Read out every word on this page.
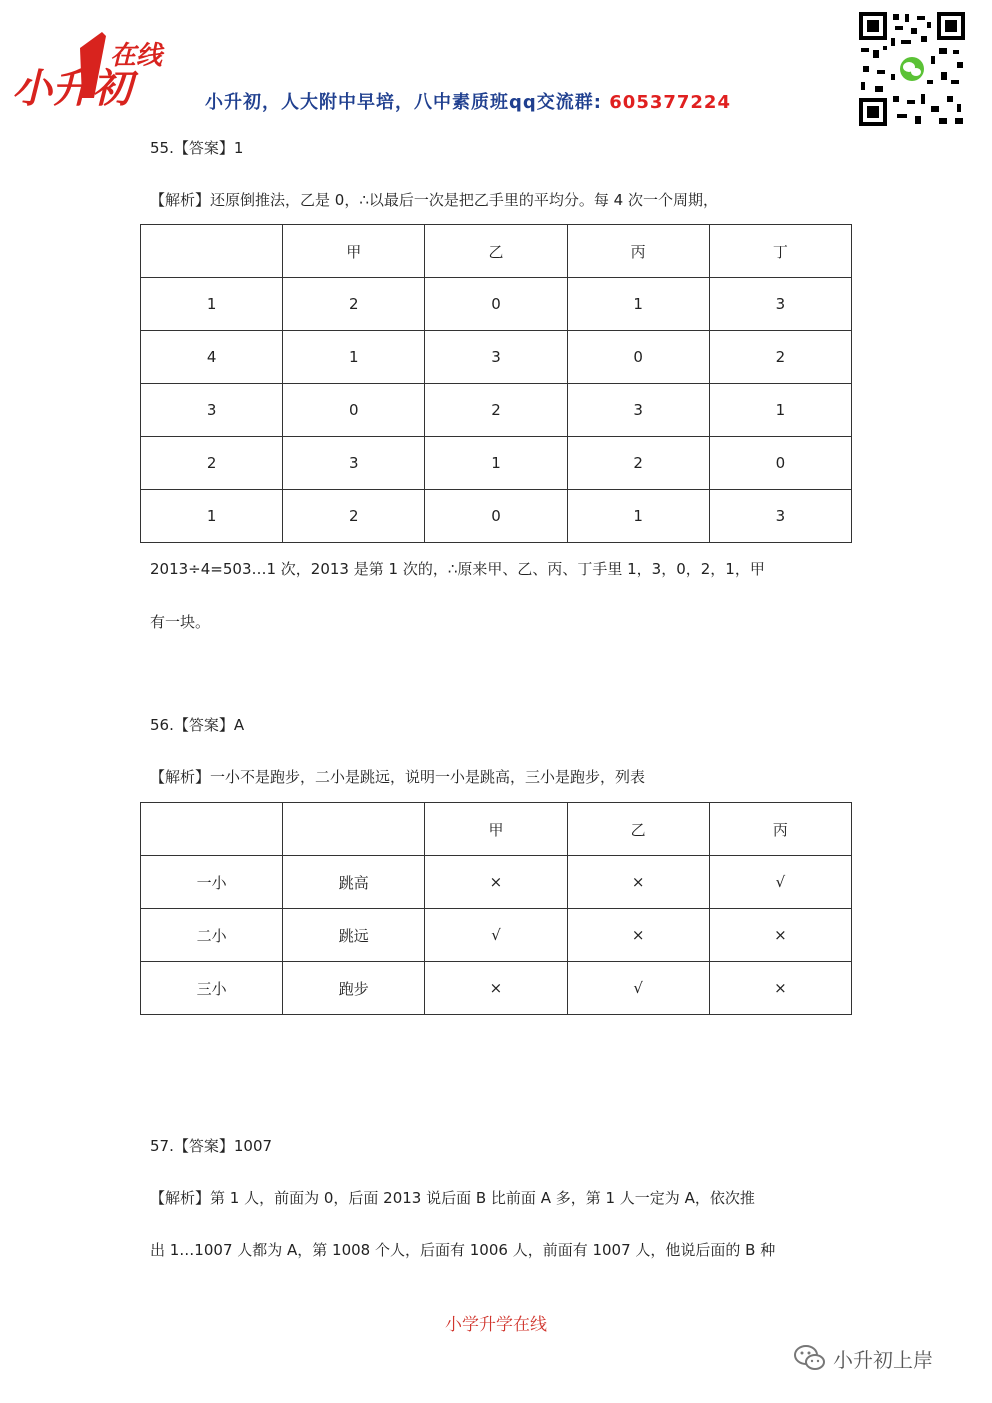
小升初
在线
小升初，人大附中早培，八中素质班qq交流群: 605377224
55.【答案】1
【解析】还原倒推法，乙是 0，∴以最后一次是把乙手里的平均分。每 4 次一个周期，
	甲	乙	丙	丁
1	2	0	1	3
4	1	3	0	2
3	0	2	3	1
2	3	1	2	0
1	2	0	1	3
2013÷4=503…1 次，2013 是第 1 次的，∴原来甲、乙、丙、丁手里 1，3，0，2，1，甲
有一块。
56.【答案】A
【解析】一小不是跑步，二小是跳远，说明一小是跳高，三小是跑步，列表
		甲	乙	丙
一小	跳高	×	×	√
二小	跳远	√	×	×
三小	跑步	×	√	×
57.【答案】1007
【解析】第 1 人，前面为 0，后面 2013 说后面 B 比前面 A 多，第 1 人一定为 A，依次推
出 1…1007 人都为 A，第 1008 个人，后面有 1006 人，前面有 1007 人，他说后面的 B 种
小学升学在线
小升初上岸
